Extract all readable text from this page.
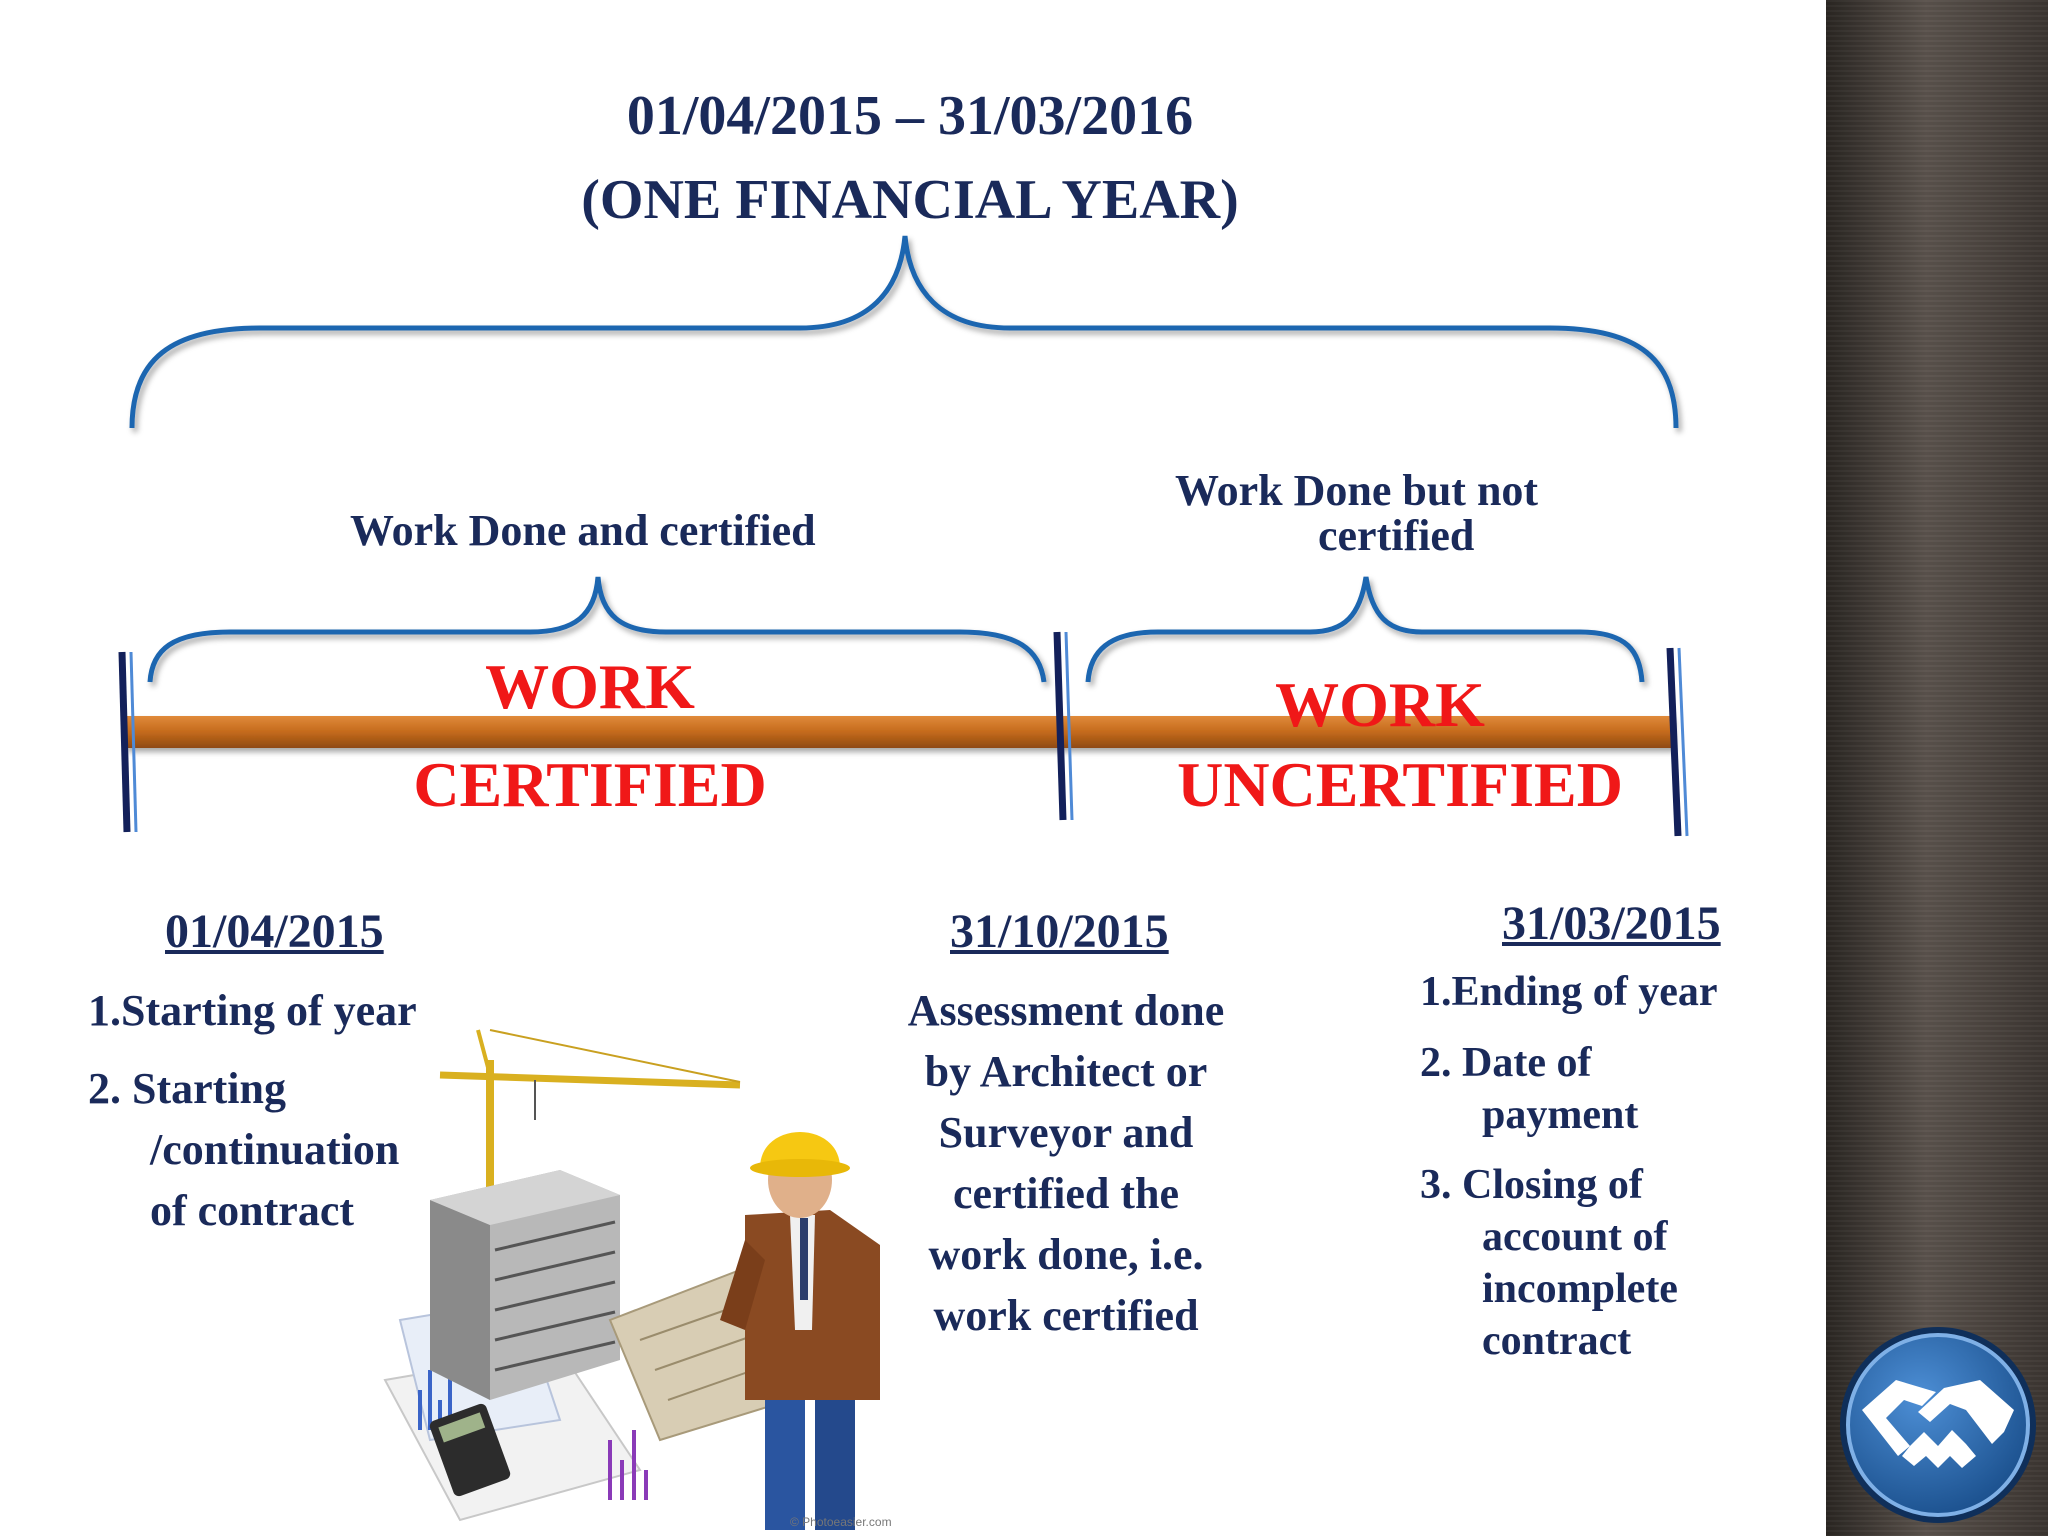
© Photoeasier.com
01/04/2015 – 31/03/2016
(ONE FINANCIAL YEAR)
Work Done and certified
Work Done but not
certified
WORK
CERTIFIED
WORK
UNCERTIFIED
01/04/2015
1.Starting of year
2. Starting
/continuation
of contract
31/10/2015
Assessment done
by Architect or
Surveyor and
certified the
work done, i.e.
work certified
31/03/2015
1.Ending of year
2. Date of
payment
3. Closing of
account of
incomplete
contract
